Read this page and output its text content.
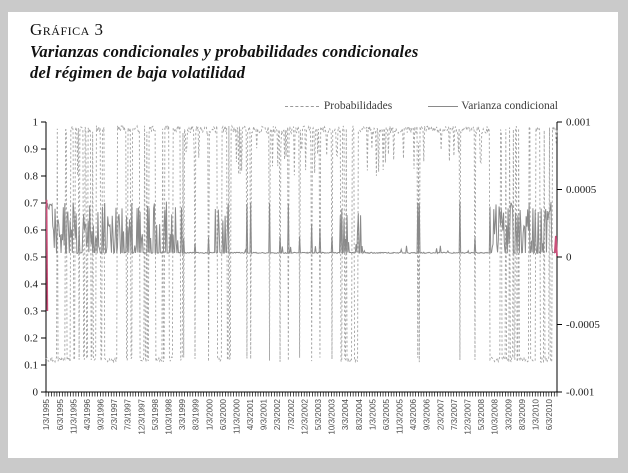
Gráfica 3
Varianzas condicionales y probabilidades condicionales
del régimen de baja volatilidad
Probabilidades	Varianza condicional
0
0.1
0.2
0.3
0.4
0.5
0.6
0.7
0.8
0.9
1	0.001
0.0005
0
-0.0005
-0.001
1/3/1995 6/3/1995 11/3/1995 4/3/1996 9/3/1996 2/3/1997 7/3/1997 12/3/1997 5/3/1998 10/3/1998 3/3/1999 8/3/1999 1/3/2000 6/3/2000 11/3/2000 4/3/2001 9/3/2001 2/3/2002 7/3/2002 12/3/2002 5/3/2003 10/3/2003 3/3/2004 8/3/2004 1/3/2005 6/3/2005 11/3/2005 4/3/2006 9/3/2006 2/3/2007 7/3/2007 12/3/2007 5/3/2008 10/3/2008 3/3/2009 8/3/2009 1/3/2010 6/3/2010
